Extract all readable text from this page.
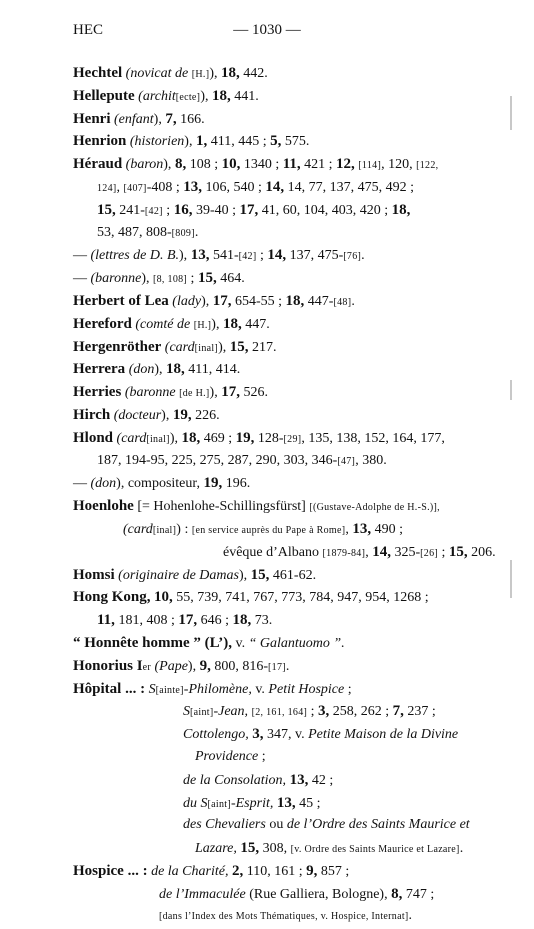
HEC	— 1030 —
Hechtel (novicat de [H.]), 18, 442.
Hellepute (archit[ecte]), 18, 441.
Henri (enfant), 7, 166.
Henrion (historien), 1, 411, 445 ; 5, 575.
Héraud (baron), 8, 108 ; 10, 1340 ; 11, 421 ; 12, [114], 120, [122,
124], [407]-408 ; 13, 106, 540 ; 14, 14, 77, 137, 475, 492 ;
15, 241-[42] ; 16, 39-40 ; 17, 41, 60, 104, 403, 420 ; 18,
53, 487, 808-[809].
— (lettres de D. B.), 13, 541-[42] ; 14, 137, 475-[76].
— (baronne), [8, 108] ; 15, 464.
Herbert of Lea (lady), 17, 654-55 ; 18, 447-[48].
Hereford (comté de [H.]), 18, 447.
Hergenröther (card[inal]), 15, 217.
Herrera (don), 18, 411, 414.
Herries (baronne [de H.]), 17, 526.
Hirch (docteur), 19, 226.
Hlond (card[inal]), 18, 469 ; 19, 128-[29], 135, 138, 152, 164, 177,
187, 194-95, 225, 275, 287, 290, 303, 346-[47], 380.
— (don), compositeur, 19, 196.
Hoenlohe [= Hohenlohe-Schillingsfürst] [(Gustave-Adolphe de H.-S.)],
(card[inal]) : [en service auprès du Pape à Rome], 13, 490 ;
évêque d’Albano [1879-84], 14, 325-[26] ; 15, 206.
Homsi (originaire de Damas), 15, 461-62.
Hong Kong, 10, 55, 739, 741, 767, 773, 784, 947, 954, 1268 ;
11, 181, 408 ; 17, 646 ; 18, 73.
“ Honnête homme ” (L’), v. “ Galantuomo ”.
Honorius Ier (Pape), 9, 800, 816-[17].
Hôpital ... : S[ainte]-Philomène, v. Petit Hospice ;
S[aint]-Jean, [2, 161, 164] ; 3, 258, 262 ; 7, 237 ;
Cottolengo, 3, 347, v. Petite Maison de la Divine
Providence ;
de la Consolation, 13, 42 ;
du S[aint]-Esprit, 13, 45 ;
des Chevaliers ou de l’Ordre des Saints Maurice et
Lazare, 15, 308, [v. Ordre des Saints Maurice et Lazare].
Hospice ... : de la Charité, 2, 110, 161 ; 9, 857 ;
de l’Immaculée (Rue Galliera, Bologne), 8, 747 ;
[dans l’Index des Mots Thématiques, v. Hospice, Internat].
